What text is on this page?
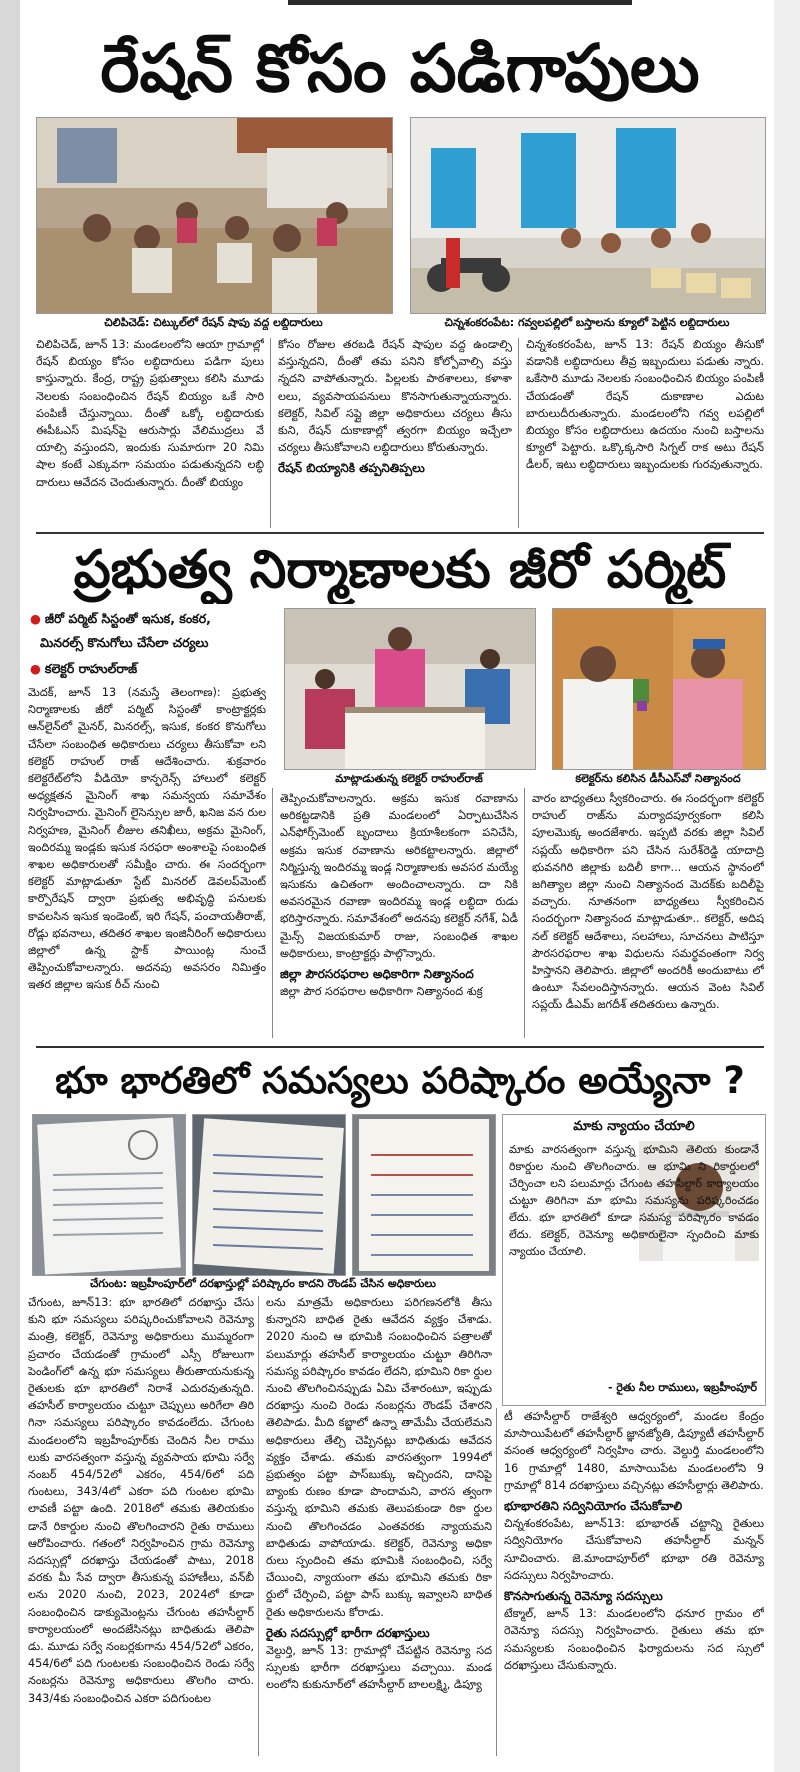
రేషన్ కోసం పడిగాపులు
చిలిపిచెడ్‌: చిట్కుల్‌లో రేషన్ షాపు వద్ద లబ్ధిదారులు	చిన్నశంకరంపేట: గవ్వలపల్లిలో బస్తాలను క్యూలో పెట్టిన లబ్ధిదారులు
చిలిపిచెడ్, జూన్ 13: మండలంలోని ఆయా గ్రామాల్లో రేషన్ బియ్యం కోసం లబ్ధిదారులు పడిగా పులు కాస్తున్నారు. కేంద్ర, రాష్ట్ర ప్రభుత్వాలు కలిసి మూడు నెలలకు సంబంధించిన రేషన్ బియ్యం ఒకే సారి పంపిణీ చేస్తున్నాయి. దీంతో ఒక్కో లబ్ధిదారుకు ఈపీఓఎస్ మిషన్‌పై ఆరుసార్లు వేలిముద్రలు వే యాల్సి వస్తుందని, ఇందుకు సుమారుగా 20 నిమి షాల కంటే ఎక్కువగా సమయం పడుతున్నదని లబ్ధి దారులు ఆవేదన చెందుతున్నారు. దీంతో బియ్యం
కోసం రోజుల తరబడి రేషన్ షాపుల వద్ద ఉండాల్సి వస్తున్నదని, దీంతో తమ పనిని కోల్పోవాల్సి వస్తు న్నదని వాపోతున్నారు. పిల్లలకు పాఠశాలలు, కళాశా లలు, వ్యవసాయపనులు కొనసాగుతున్నాయన్నారు. కలెక్టర్, సివిల్ సప్లై జిల్లా అధికారులు చర్యలు తీసు కుని, రేషన్ దుకాణాల్లో త్వరగా బియ్యం ఇచ్చేలా చర్యలు తీసుకోవాలని లబ్ధిదారులు కోరుతున్నారు.
రేషన్ బియ్యానికి తప్పనితిప్పలు
చిన్నశంకరంపేట, జూన్ 13: రేషన్ బియ్యం తీసుకో వడానికి లబ్ధిదారులు తీవ్ర ఇబ్బందులు పడుతు న్నారు. ఒకేసారి మూడు నెలలకు సంబంధించిన బియ్యం పంపిణీ చేయడంతో రేషన్ దుకాణాల ఎదుట బారులుదీరుతున్నారు. మండలంలోని గవ్వ లపల్లిలో బియ్యం కోసం లబ్ధిదారులు ఉదయం నుంచి బస్తాలను క్యూలో పెట్టారు. ఒక్కొక్కసారి సిగ్నల్ రాక అటు రేషన్ డీలర్, ఇటు లబ్ధిదారులు ఇబ్బందులకు గురవుతున్నారు.
ప్రభుత్వ నిర్మాణాలకు జీరో పర్మిట్
● జీరో పర్మిట్ సిస్టంతో ఇసుక, కంకర,
మినరల్స్ కొనుగోలు చేసేలా చర్యలు
● కలెక్టర్ రాహుల్‌రాజ్
మాట్లాడుతున్న కలెక్టర్ రాహుల్‌రాజ్	కలెక్టర్‌ను కలిసిన డీసీఎస్‌వో నిత్యానంద
మెదక్, జూన్ 13 (నమస్తే తెలంగాణ): ప్రభుత్వ నిర్మాణాలకు జీరో పర్మిట్ సిస్టంతో కాంట్రాక్టర్లకు ఆన్‌లైన్‌లో మైనర్, మినరల్స్, ఇసుక, కంకర కొనుగోలు చేసేలా సంబంధిత అధికారులు చర్యలు తీసుకోవా లని కలెక్టర్ రాహుల్ రాజ్ ఆదేశించారు. శుక్రవారం కలెక్టరేట్‌లోని వీడియో కాన్ఫరెన్స్ హాలులో కలెక్టర్ అధ్యక్షతన మైనింగ్ శాఖ సమన్వయ సమావేశం నిర్వహించారు. మైనింగ్ లైసెన్సుల జారీ, ఖనిజ వన రుల నిర్వహణ, మైనింగ్ లీజుల తనిఖీలు, అక్రమ మైనింగ్, ఇందిరమ్మ ఇండ్లకు ఇసుక సరఫరా అంశాలపై సంబంధిత శాఖల అధికారులతో సమీక్షిం చారు. ఈ సందర్భంగా కలెక్టర్ మాట్లాడుతూ స్టేట్ మినరల్ డెవలప్‌మెంట్ కార్పొరేషన్ ద్వారా ప్రభుత్వ అభివృద్ధి పనులకు కావలసిన ఇసుక ఇండెంట్, ఇరి గేషన్, పంచాయతీరాజ్, రోడ్లు భవనాలు, తదితర శాఖల ఇంజినీరింగ్ అధికారులు జిల్లాలో ఉన్న స్టాక్ పాయింట్ల నుంచే తెప్పించుకోవాలన్నారు. అదనపు అవసరం నిమిత్తం ఇతర జిల్లాల ఇసుక రీచ్ నుంచి
తెప్పించుకోవాలన్నారు. అక్రమ ఇసుక రవాణాను అరికట్టడానికి ప్రతి మండలంలో ఏర్పాటుచేసిన ఎన్‌ఫోర్స్‌మెంట్ బృందాలు క్రియాశీలకంగా పనిచేసి, అక్రమ ఇసుక రవాణాను అరికట్టాలన్నారు. జిల్లాలో నిర్మిస్తున్న ఇందిరమ్మ ఇండ్ల నిర్మాణాలకు అవసర మయ్యే ఇసుకను ఉచితంగా అందించాలన్నారు. దా నికి అవసరమైన రవాణా ఇందిరమ్మ ఇండ్ల లబ్ధిదా రుడు భరిస్తారన్నారు. సమావేశంలో అదనపు కలెక్టర్ నగేశ్, ఏడీ మైన్స్ విజయకుమార్ రాజు, సంబంధిత శాఖల అధికారులు, కాంట్రాక్టర్లు పాల్గొన్నారు.
జిల్లా పౌరసరఫరాల అధికారిగా నిత్యానంద
జిల్లా పౌర సరఫరాల అధికారిగా నిత్యానంద శుక్ర
వారం బాధ్యతలు స్వీకరించారు. ఈ సందర్భంగా కలెక్టర్ రాహుల్ రాజ్‌ను మర్యాదపూర్వకంగా కలిసి పూలమొక్క అందజేశారు. ఇప్పటి వరకు జిల్లా సివిల్ సప్లయ్ అధికారిగా పని చేసిన సురేశ్‌రెడ్డి యాదాద్రి భువనగిరి జిల్లాకు బదిలీ కాగా... ఆయన స్థానంలో జగిత్యాల జిల్లా నుంచి నిత్యానంద మెదక్‌కు బదిలీపై వచ్చారు. నూతనంగా బాధ్యతలు స్వీకరించిన సందర్భంగా నిత్యానంద మాట్లాడుతూ.. కలెక్టర్, అదిష నల్ కలెక్టర్ ఆదేశాలు, సలహాలు, సూచనలు పాటిస్తూ పౌరసరఫరాల శాఖ విధులను సమర్థవంతంగా నిర్వ హిస్తానని తెలిపారు. జిల్లాలో అందరికీ అందుబాటు లో ఉంటూ సేవలందిస్తానన్నారు. ఆయన వెంట సివిల్ సప్లయ్ డీఎమ్ జగదీశ్ తదితరులు ఉన్నారు.
భూ భారతిలో సమస్యలు పరిష్కారం అయ్యేనా ?
చేగుంట: ఇబ్రహీంపూర్‌లో దరఖాస్తుల్లో పరిష్కారం కాదని రౌండప్ చేసిన అధికారులు
మాకు న్యాయం చేయాలి
మాకు వారసత్వంగా వస్తున్న భూమిని తెలియ కుండానే రికార్డుల నుంచి తొలగించారు. ఆ భూమి ని రికార్డులలో చేర్పించా లని పలుమార్లు చేగుంట తహసీల్దార్ కార్యాలయం చుట్టూ తిరిగినా మా భూమి సమస్యను పరిష్కరించడం లేదు. భూ భారతిలో కూడా సమస్య పరిష్కారం కావడం లేదు. కలెక్టర్, రెవెన్యూ అధికారులైనా స్పందించి మాకు న్యాయం చేయాలి.
- రైతు నీల రాములు, ఇబ్రహీంపూర్
చేగుంట, జూన్13: భూ భారతిలో దరఖాస్తు చేసు కుని భూ సమస్యలు పరిష్కరించుకోవాలని రెవెన్యూ మంత్రి, కలెక్టర్, రెవెన్యూ అధికారులు ముమ్మరంగా ప్రచారం చేయడంతో గ్రామంలో ఎస్సీ రోజులుగా పెండింగ్‌లో ఉన్న భూ సమస్యలు తీరుతాయనుకున్న రైతులకు భూ భారతిలో నిరాశే ఎదురవుతున్నది. తహసీల్ కార్యాలయం చుట్టూ చెప్పులు అరిగేలా తిరి గినా సమస్యలు పరిష్కారం కావడంలేదు. చేగుంట మండలంలోని ఇబ్రహీంపూర్‌కు చెందిన నీల రాము లుకు వారసత్వంగా వస్తున్న వ్యవసాయ భూమి సర్వే నంబర్ 454/52లో ఎకరం, 454/6లో పది గుంటలు, 343/4లో ఎకరా పది గుంటల భూమి లావణీ పట్టా ఉంది. 2018లో తమకు తెలియకుం డానే రికార్డుల నుంచి తొలగించారని రైతు రాములు ఆరోపించారు. గతంలో నిర్వహించిన గ్రామ రెవెన్యూ సదస్సుల్లో దరఖాస్తు చేయడంతో పాటు, 2018 వరకు మీ సేవ ద్వారా తీసుకున్న పహాణీలు, వన్‌బీ లను 2020 నుంచి, 2023, 2024లో కూడా సంబంధించిన డాక్యుమెంట్లను చేగుంట తహసీల్దార్ కార్యాలయంలో అందజేసినట్లు బాధితుడు తెలిపా డు. మూడు సర్వే నంబర్లకుగాను 454/52లో ఎకరం, 454/6లో పది గుంటలకు సంబంధించిన రెండు సర్వే నంబర్లను రెవెన్యూ అధికారులు తొలగిం చారు. 343/4కు సంబంధించిన ఎకరా పదిగుంటల
లను మాత్రమే అధికారులు పరిగణనలోకి తీసు కున్నారని బాధిత రైతు ఆవేదన వ్యక్తం చేశాడు. 2020 నుంచి ఆ భూమికి సంబంధించిన పత్రాలతో పలుమార్లు తహసీల్ కార్యాలయం చుట్టూ తిరిగినా సమస్య పరిష్కారం కావడం లేదని, భూమిని రికా ర్డుల నుంచి తొలగించినప్పుడు ఏమి చేశారంటూ, ఇప్పుడు దరఖాస్తు నుంచి రెండు నంబర్లను రౌండప్ చేశారని తెలిపాడు. మీది కబ్జాలో ఉన్నా తామేమీ చేయలేమని అధికారులు తేల్చి చెప్పినట్లు బాధితుడు ఆవేదన వ్యక్తం చేశాడు. తమకు వారసత్వంగా 1994లో ప్రభుత్వం పట్టా పాస్‌బుక్కు ఇచ్చిందని, దానిపై బ్యాంకు రుణం కూడా పొందామని, వారస త్వంగా వస్తున్న భూమిని తమకు తెలుపకుండా రికా ర్డుల నుంచి తొలగించడం ఎంతవరకు న్యాయమని బాధితుడు వాపోయాడు. కలెక్టర్, రెవెన్యూ అధికా రులు స్పందించి తమ భూమికి సంబంధించి, సర్వే చేయించి, న్యాయంగా తమ భూమిని తమకు రికా ర్డులో చేర్పించి, పట్టా పాస్ బుక్కు ఇవ్వాలని బాధిత రైతు అధికారులను కోరాడు.
రైతు సదస్సుల్లో భారీగా దరఖాస్తులు
వెల్దుర్తి, జూన్ 13: గ్రామాల్లో చేపట్టిన రెవెన్యూ సద స్సులకు భారీగా దరఖాస్తులు వచ్చాయి. మండ లంలోని కుకునూర్‌లో తహసీల్దార్ బాలలక్ష్మి, డిప్యూ
టీ తహసీల్దార్ రాజేశ్వరి ఆధ్వర్యంలో, మండల కేంద్రం మాసాయిపేటలో తహసీల్దార్ జ్ఞానజ్యోతి, డిప్యూటీ తహసీల్దార్ వసంత ఆధ్వర్యంలో నిర్వహిం చారు. వెల్దుర్తి మండలంలోని 16 గ్రామాల్లో 1480, మాసాయిపేట మండలంలోని 9 గ్రామాల్లో 814 దరఖాస్తులు వచ్చినట్లు తహసీల్దార్లు తెలిపారు.
భూభారతిని సద్వినియోగం చేసుకోవాలి
చిన్నశంకరంపేట, జూన్13: భూభారత్ చట్టాన్ని రైతులు సద్వినియోగం చేసుకోవాలని తహసీల్దార్ మన్నన్ సూచించారు. జె.మాందాపూర్‌లో భూభా రతి రెవెన్యూ సదస్సులు నిర్వహించారు.
కొనసాగుతున్న రెవెన్యూ సదస్సులు
టేక్మాల్, జూన్ 13: మండలంలోని ధనూర గ్రామం లో రెవెన్యూ సదస్సు నిర్వహించారు. రైతులు తమ భూ సమస్యలకు సంబంధించిన ఫిర్యాదులను సద స్సులో దరఖాస్తులు చేసుకున్నారు.
